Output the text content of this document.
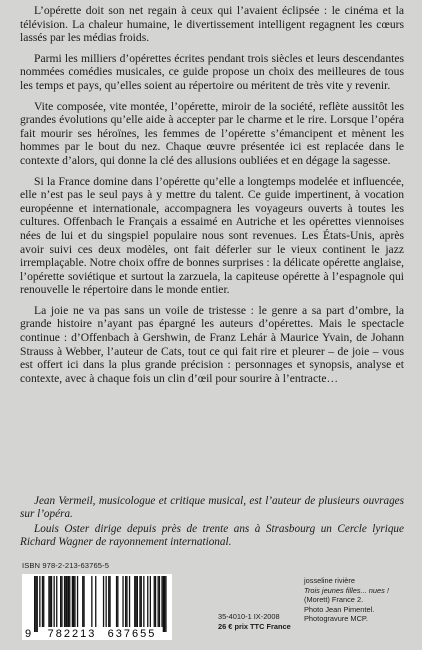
L’opérette doit son net regain à ceux qui l’avaient éclipsée : le cinéma et la télévision. La chaleur humaine, le divertissement intelligent regagnent les cœurs lassés par les médias froids.

Parmi les milliers d’opérettes écrites pendant trois siècles et leurs descendantes nommées comédies musicales, ce guide propose un choix des meilleures de tous les temps et pays, qu’elles soient au répertoire ou méritent de très vite y revenir.

Vite composée, vite montée, l’opérette, miroir de la société, reflète aussitôt les grandes évolutions qu’elle aide à accepter par le charme et le rire. Lorsque l’opéra fait mourir ses héroïnes, les femmes de l’opérette s’émancipent et mènent les hommes par le bout du nez. Chaque œuvre présentée ici est replacée dans le contexte d’alors, qui donne la clé des allusions oubliées et en dégage la sagesse.

Si la France domine dans l’opérette qu’elle a longtemps modelée et influencée, elle n’est pas le seul pays à y mettre du talent. Ce guide impertinent, à vocation européenne et internationale, accompagnera les voyageurs ouverts à toutes les cultures. Offenbach le Français a essaimé en Autriche et les opérettes viennoises nées de lui et du singspiel populaire nous sont revenues. Les États-Unis, après avoir suivi ces deux modèles, ont fait déferler sur le vieux continent le jazz irremplaçable. Notre choix offre de bonnes surprises : la délicate opérette anglaise, l’opérette soviétique et surtout la zarzuela, la capiteuse opérette à l’espagnole qui renouvelle le répertoire dans le monde entier.

La joie ne va pas sans un voile de tristesse : le genre a sa part d’ombre, la grande histoire n’ayant pas épargné les auteurs d’opérettes. Mais le spectacle continue : d’Offenbach à Gershwin, de Franz Lehár à Maurice Yvain, de Johann Strauss à Webber, l’auteur de Cats, tout ce qui fait rire et pleurer – de joie – vous est offert ici dans la plus grande précision : personnages et synopsis, analyse et contexte, avec à chaque fois un clin d’œil pour sourire à l’entracte…

Jean Vermeil, musicologue et critique musical, est l’auteur de plusieurs ouvrages sur l’opéra.

Louis Oster dirige depuis près de trente ans à Strasbourg un Cercle lyrique Richard Wagner de rayonnement international.

ISBN 978-2-213-63765-5
9 782213 637655
35-4010-1 IX-2008
26 € prix TTC France
josseline rivière
Trois jeunes filles... nues !
(Morett) France 2.
Photo Jean Pimentel.
Photogravure MCP.
